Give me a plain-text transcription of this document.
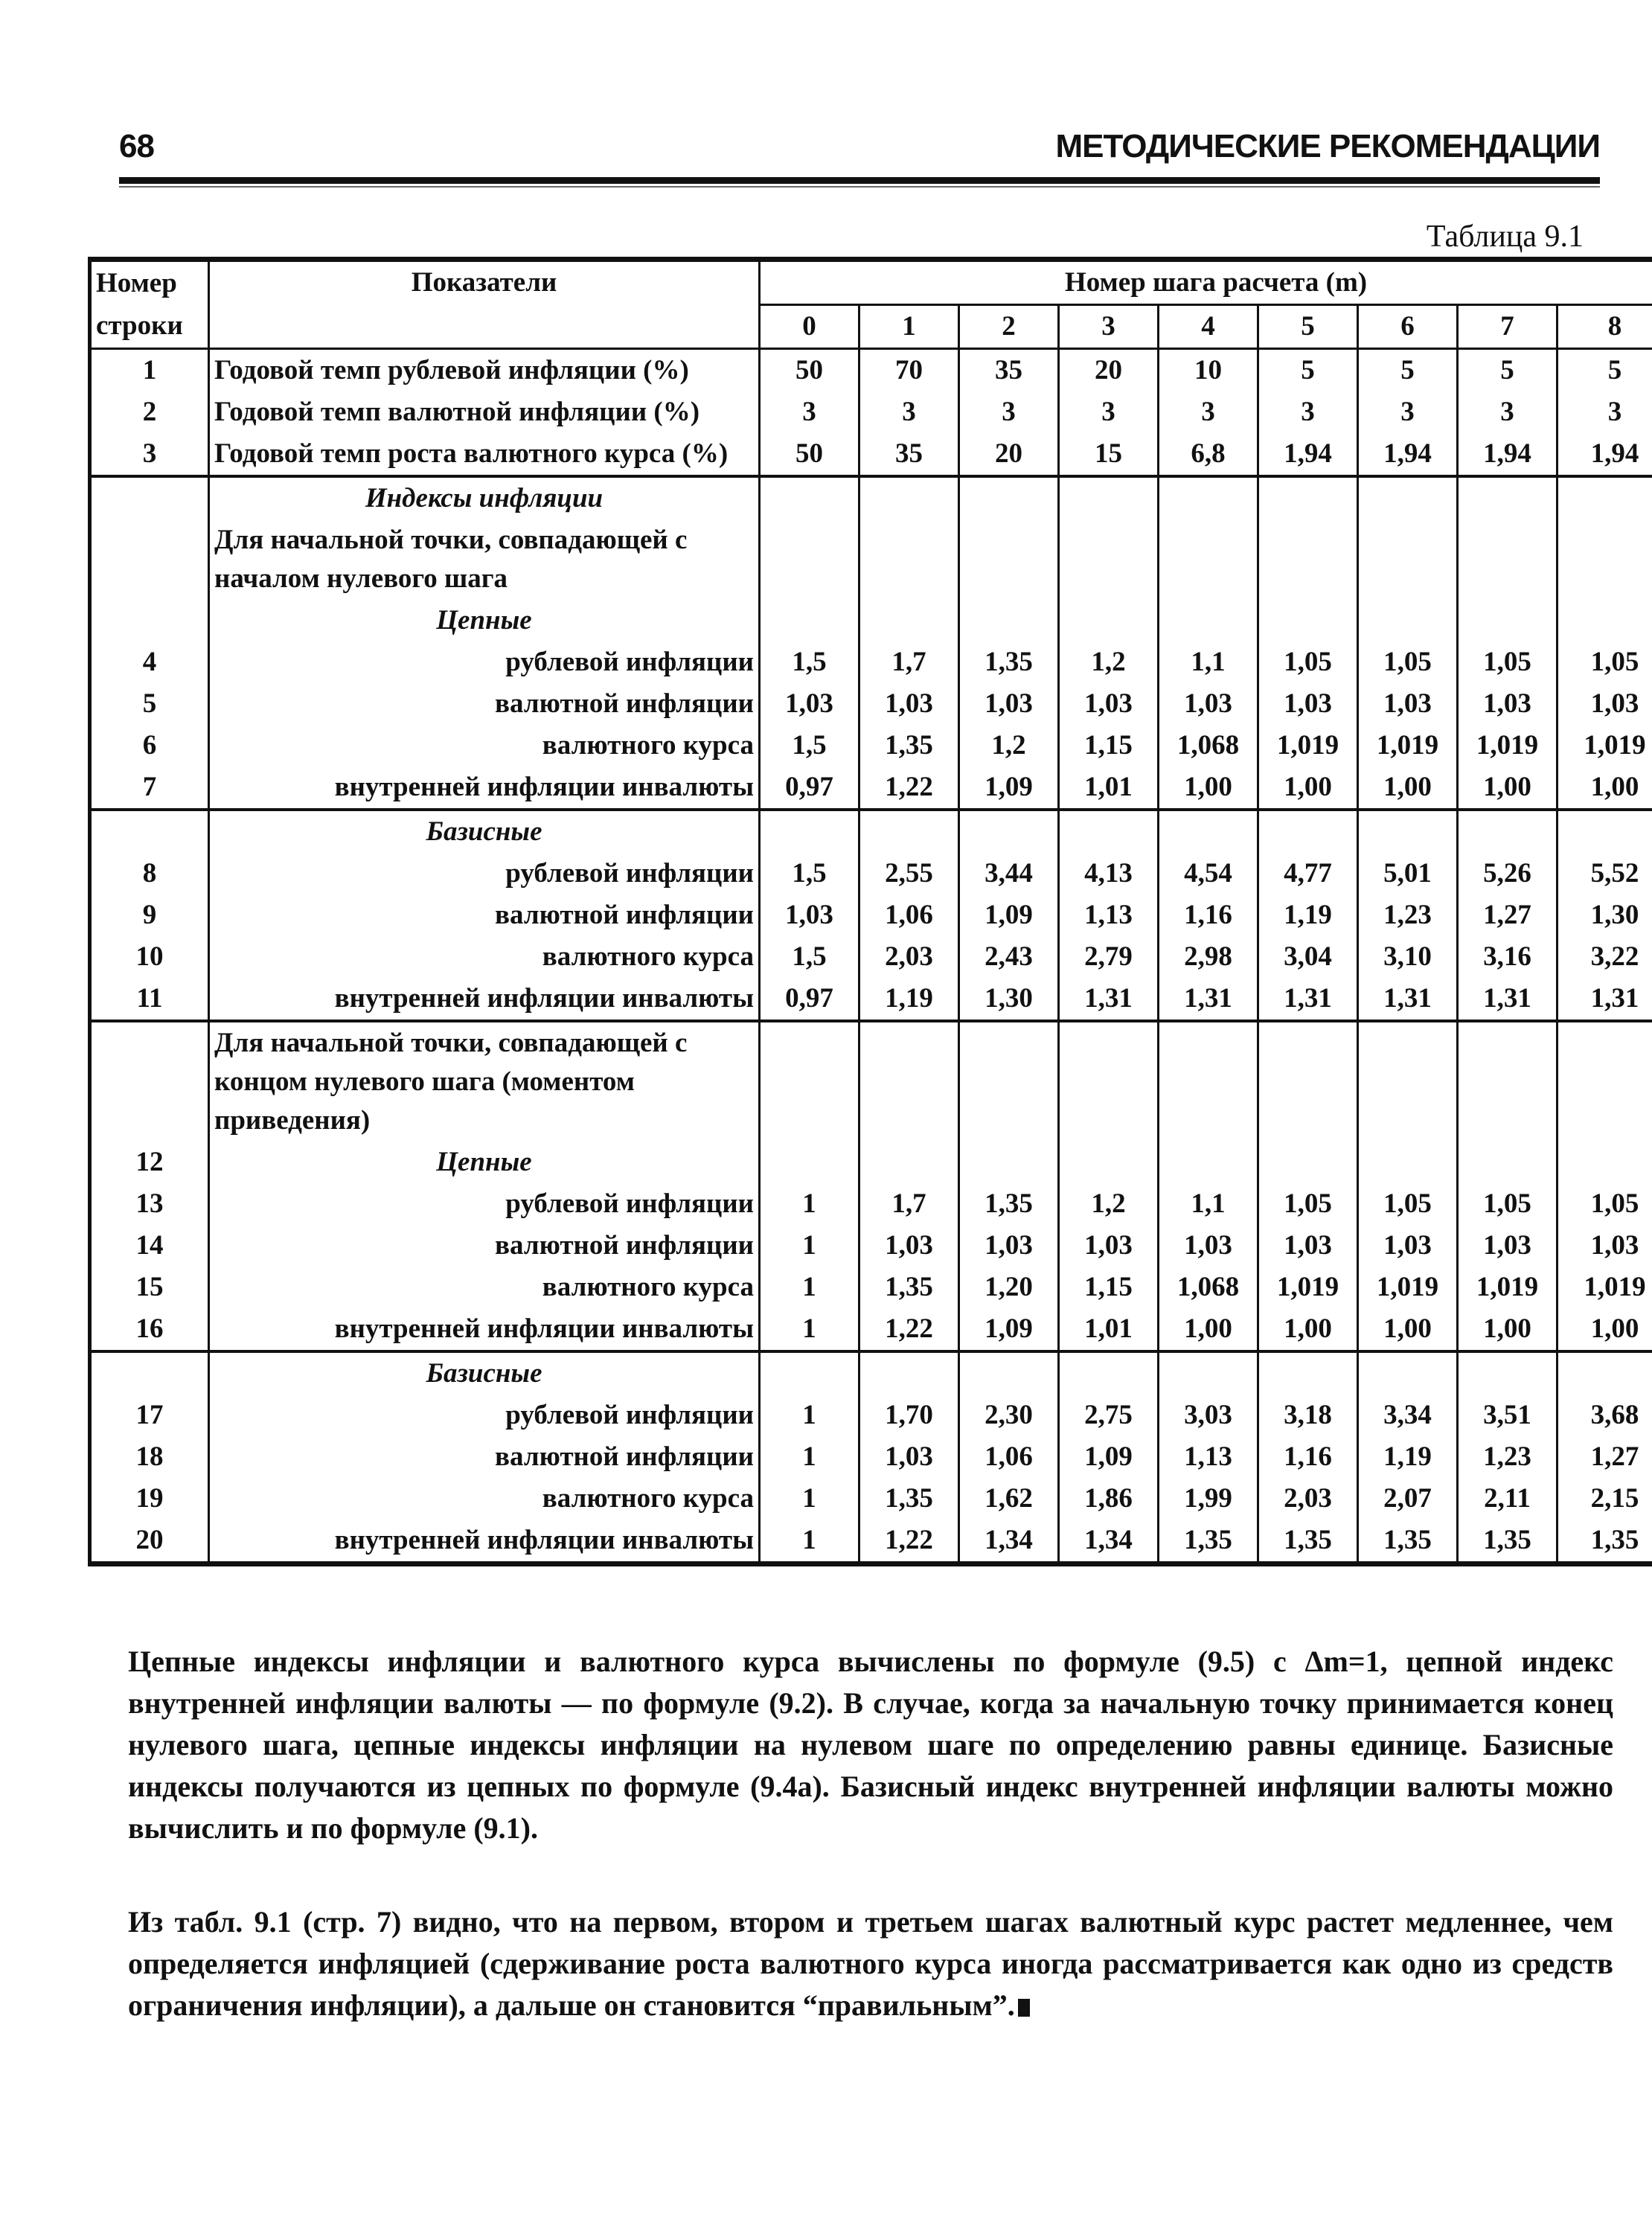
68	МЕТОДИЧЕСКИЕ РЕКОМЕНДАЦИИ
Таблица 9.1
Номер	Показатели	Номер шага расчета (m)								
строки		0	1	2	3	4	5	6	7	8
1	Годовой темп рублевой инфляции (%)	50	70	35	20	10	5	5	5	5
2	Годовой темп валютной инфляции (%)	3	3	3	3	3	3	3	3	3
3	Годовой темп роста валютного курса (%)	50	35	20	15	6,8	1,94	1,94	1,94	1,94
	Индексы инфляции									
	Для начальной точки, совпадающей с началом нулевого шага									
	Цепные									
4	рублевой инфляции	1,5	1,7	1,35	1,2	1,1	1,05	1,05	1,05	1,05
5	валютной инфляции	1,03	1,03	1,03	1,03	1,03	1,03	1,03	1,03	1,03
6	валютного курса	1,5	1,35	1,2	1,15	1,068	1,019	1,019	1,019	1,019
7	внутренней инфляции инвалюты	0,97	1,22	1,09	1,01	1,00	1,00	1,00	1,00	1,00
	Базисные									
8	рублевой инфляции	1,5	2,55	3,44	4,13	4,54	4,77	5,01	5,26	5,52
9	валютной инфляции	1,03	1,06	1,09	1,13	1,16	1,19	1,23	1,27	1,30
10	валютного курса	1,5	2,03	2,43	2,79	2,98	3,04	3,10	3,16	3,22
11	внутренней инфляции инвалюты	0,97	1,19	1,30	1,31	1,31	1,31	1,31	1,31	1,31
	Для начальной точки, совпадающей с концом нулевого шага (моментом приведения)									
12	Цепные									
13	рублевой инфляции	1	1,7	1,35	1,2	1,1	1,05	1,05	1,05	1,05
14	валютной инфляции	1	1,03	1,03	1,03	1,03	1,03	1,03	1,03	1,03
15	валютного курса	1	1,35	1,20	1,15	1,068	1,019	1,019	1,019	1,019
16	внутренней инфляции инвалюты	1	1,22	1,09	1,01	1,00	1,00	1,00	1,00	1,00
	Базисные									
17	рублевой инфляции	1	1,70	2,30	2,75	3,03	3,18	3,34	3,51	3,68
18	валютной инфляции	1	1,03	1,06	1,09	1,13	1,16	1,19	1,23	1,27
19	валютного курса	1	1,35	1,62	1,86	1,99	2,03	2,07	2,11	2,15
20	внутренней инфляции инвалюты	1	1,22	1,34	1,34	1,35	1,35	1,35	1,35	1,35
Цепные индексы инфляции и валютного курса вычислены по формуле (9.5) с Δm=1, цепной индекс внутренней инфляции валюты — по формуле (9.2). В случае, когда за начальную точку принимается конец нулевого шага, цепные индексы инфляции на нулевом шаге по определению равны единице. Базисные индексы получаются из цепных по формуле (9.4а). Базисный индекс внутренней инфляции валюты можно вычислить и по формуле (9.1).
Из табл. 9.1 (стр. 7) видно, что на первом, втором и третьем шагах валютный курс растет медленнее, чем определяется инфляцией (сдерживание роста валютного курса иногда рассматривается как одно из средств ограничения инфляции), а дальше он становится “правильным”.
